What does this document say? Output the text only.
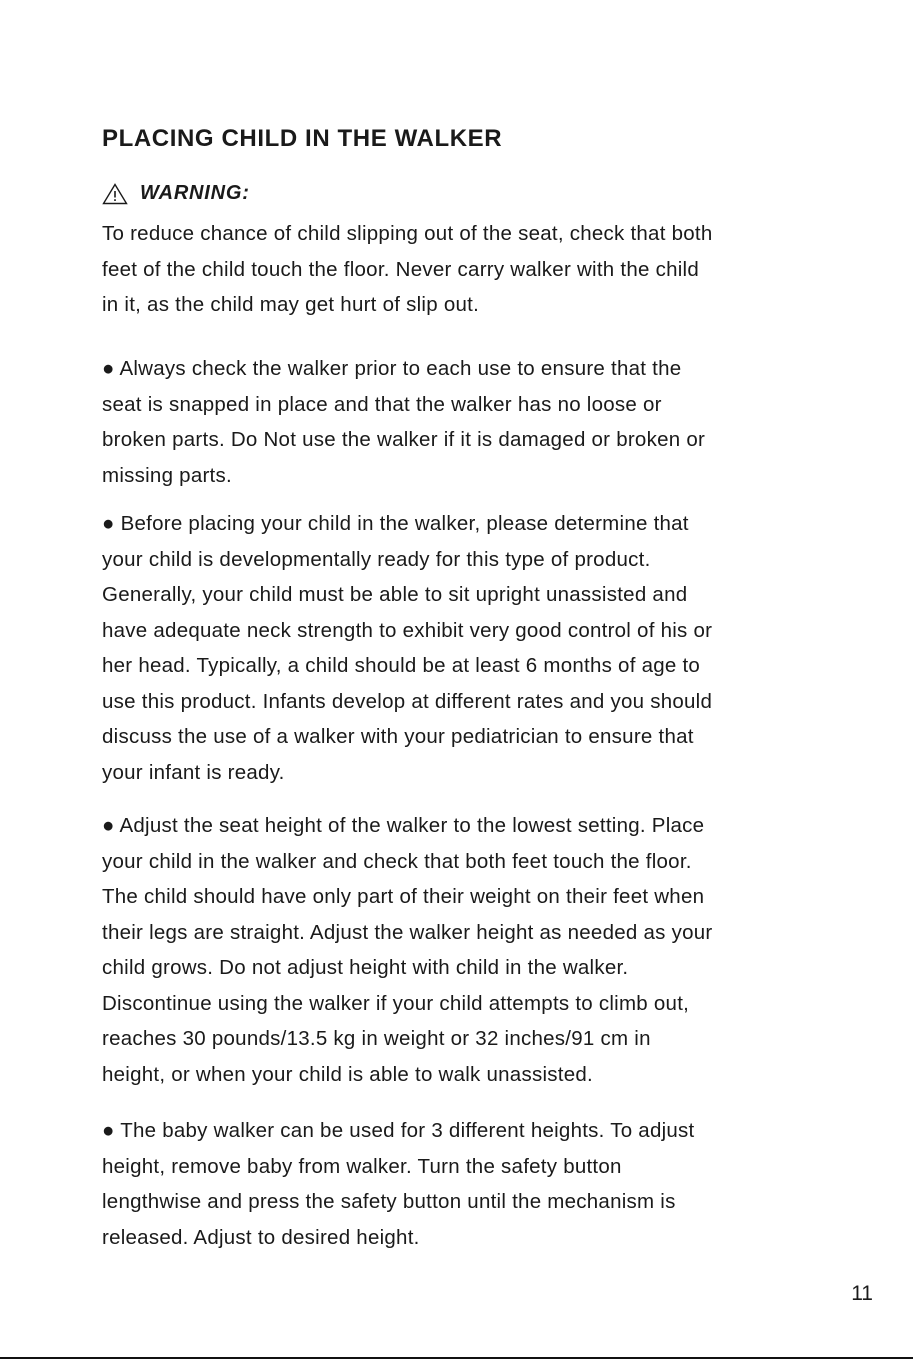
PLACING CHILD IN THE WALKER
WARNING:

To reduce chance of child slipping out of the seat, check that both
feet of the child touch the floor. Never carry walker with the child
in it, as the child may get hurt of slip out.

● Always check the walker prior to each use to ensure that the
seat is snapped in place and that the walker has no loose or
broken parts. Do Not use the walker if it is damaged or broken or
missing parts.

● Before placing your child in the walker, please determine that
your child is developmentally ready for this type of product.
Generally, your child must be able to sit upright unassisted and
have adequate neck strength to exhibit very good control of his or
her head. Typically, a child should be at least 6 months of age to
use this product. Infants develop at different rates and you should
discuss the use of a walker with your pediatrician to ensure that
your infant is ready.

● Adjust the seat height of the walker to the lowest setting. Place
your child in the walker and check that both feet touch the floor.
The child should have only part of their weight on their feet when
their legs are straight. Adjust the walker height as needed as your
child grows. Do not adjust height with child in the walker.
Discontinue using the walker if your child attempts to climb out,
reaches 30 pounds/13.5 kg in weight or 32 inches/91 cm in
height, or when your child is able to walk unassisted.

● The baby walker can be used for 3 different heights. To adjust
height, remove baby from walker. Turn the safety button
lengthwise and press the safety button until the mechanism is
released. Adjust to desired height.

11
